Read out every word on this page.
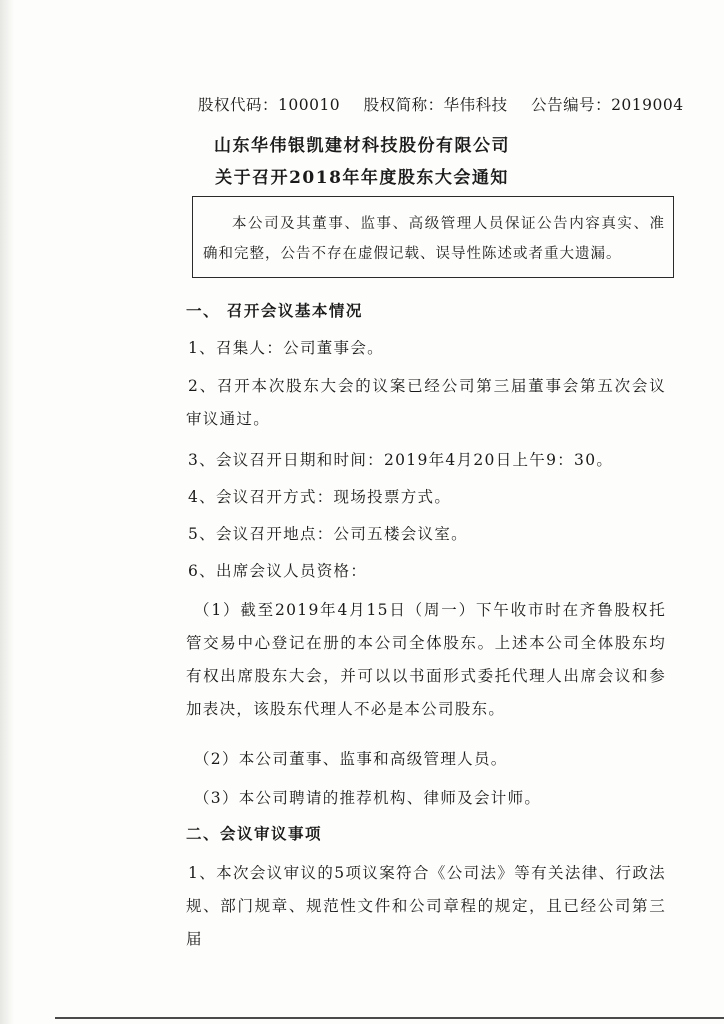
股权代码：100010 股权简称：华伟科技 公告编号：2019004
山东华伟银凯建材科技股份有限公司
关于召开2018年年度股东大会通知
本公司及其董事、监事、高级管理人员保证公告内容真实、准确和完整，公告不存在虚假记载、误导性陈述或者重大遗漏。
一、 召开会议基本情况
1、召集人：公司董事会。
2、召开本次股东大会的议案已经公司第三届董事会第五次会议审议通过。
3、会议召开日期和时间：2019年4月20日上午9：30。
4、会议召开方式：现场投票方式。
5、会议召开地点：公司五楼会议室。
6、出席会议人员资格：
（1）截至2019年4月15日（周一）下午收市时在齐鲁股权托管交易中心登记在册的本公司全体股东。上述本公司全体股东均有权出席股东大会，并可以以书面形式委托代理人出席会议和参加表决，该股东代理人不必是本公司股东。
（2）本公司董事、监事和高级管理人员。
（3）本公司聘请的推荐机构、律师及会计师。
二、会议审议事项
1、本次会议审议的5项议案符合《公司法》等有关法律、行政法规、部门规章、规范性文件和公司章程的规定，且已经公司第三届
